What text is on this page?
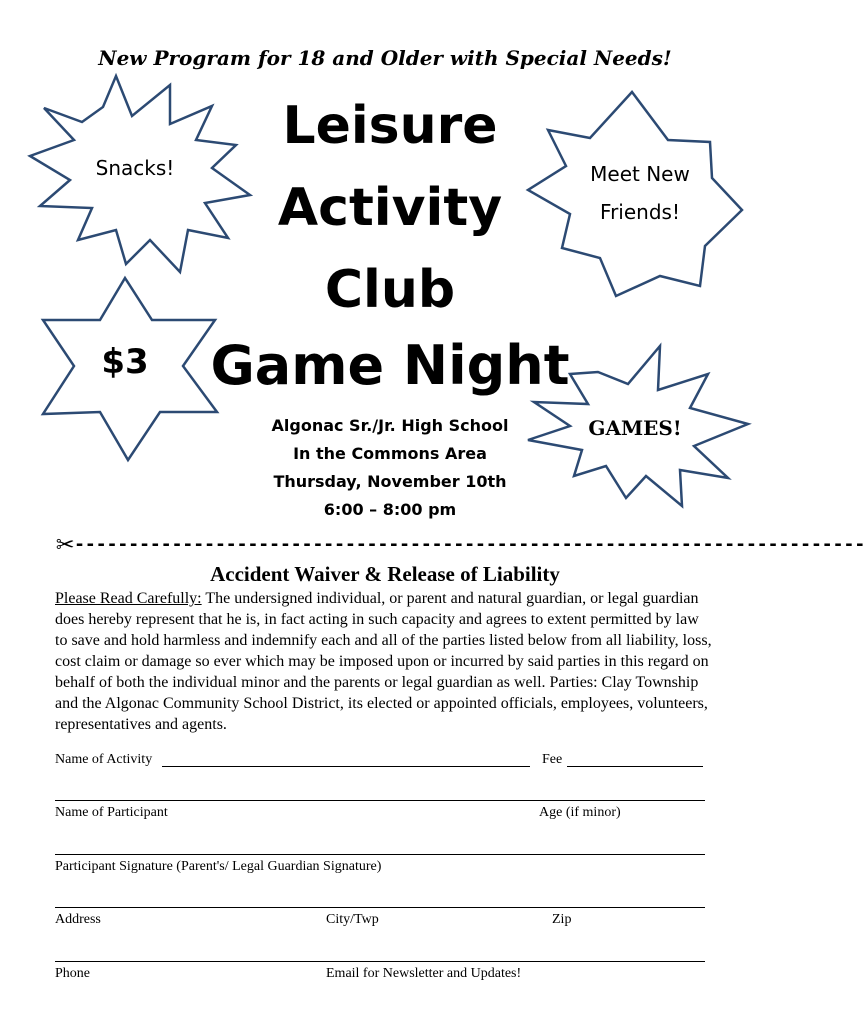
New Program for 18 and Older with Special Needs!
Snacks!
$3
Meet New
Friends!
GAMES!
Leisure
Activity
Club
Game Night
Algonac Sr./Jr. High School
In the Commons Area
Thursday, November 10th
6:00 – 8:00 pm
✂-------------------------------------------------------------------------
Accident Waiver & Release of Liability
Please Read Carefully: The undersigned individual, or parent and natural guardian, or legal guardian does hereby represent that he is, in fact acting in such capacity and agrees to extent permitted by law to save and hold harmless and indemnify each and all of the parties listed below from all liability, loss, cost claim or damage so ever which may be imposed upon or incurred by said parties in this regard on behalf of both the individual minor and the parents or legal guardian as well. Parties: Clay Township and the Algonac Community School District, its elected or appointed officials, employees, volunteers, representatives and agents.
Name of Activity	Fee
Name of Participant	Age (if minor)
Participant Signature (Parent's/ Legal Guardian Signature)
Address	City/Twp	Zip
Phone	Email for Newsletter and Updates!
